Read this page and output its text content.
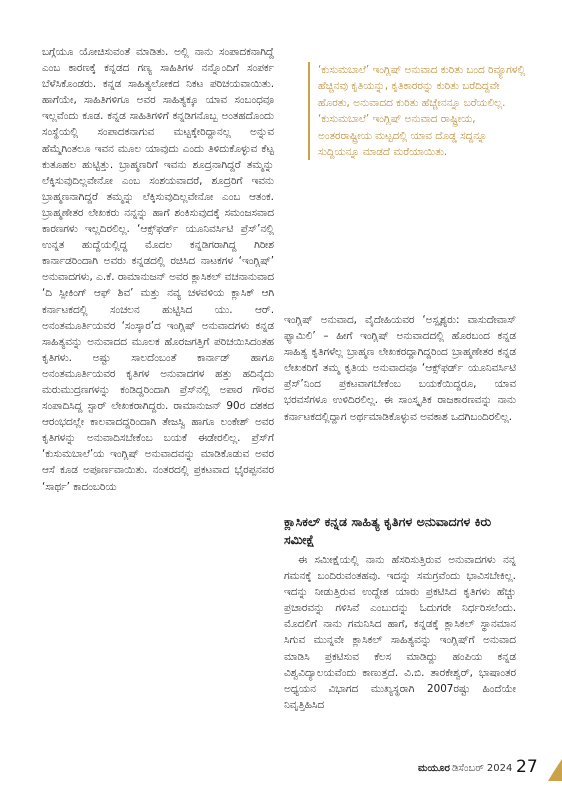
ಬಗ್ಗೆಯೂ ಯೋಚಿಸುವಂತೆ ಮಾಡಿತು. ಅಲ್ಲಿ ನಾನು ಸಂಪಾದಕನಾಗಿದ್ದೆ ಎಂಬ ಕಾರಣಕ್ಕೆ ಕನ್ನಡದ ಗಣ್ಯ ಸಾಹಿತಿಗಳ ನನ್ನೊಂದಿಗೆ ಸಂಪರ್ಕ ಬೆಳೆಸಿಕೊಂಡರು. ಕನ್ನಡ ಸಾಹಿತ್ಯಲೋಕದ ನಿಕಟ ಪರಿಚಯವಾಯಿತು. ಹಾಗೆಯೇ, ಸಾಹಿತಿಗಳಿಗೂ ಅವರ ಸಾಹಿತ್ಯಕ್ಕೂ ಯಾವ ಸಂಬಂಧವೂ ಇಲ್ಲವೆಂದು ಕೂಡ. ಕನ್ನಡ ಸಾಹಿತಿಗಳಿಗೆ ಕನ್ನಡಿಗನೊಬ್ಬ ಅಂತಹದೊಂದು ಸಂಸ್ಥೆಯಲ್ಲಿ ಸಂಪಾದಕನಾಗುವ ಮಟ್ಟಕ್ಕೇರಿದ್ದಾನಲ್ಲ ಅನ್ನುವ ಹೆಮ್ಮೆಗಿಂತಲೂ ಇವನ ಮೂಲ ಯಾವುದು ಎಂದು ತಿಳಿದುಕೊಳ್ಳುವ ಕೆಟ್ಟ ಕುತೂಹಲ ಹುಟ್ಟಿತ್ತು. ಬ್ರಾಹ್ಮಣರಿಗೆ ಇವನು ಶೂದ್ರನಾಗಿದ್ದರೆ ತಮ್ಮನ್ನು ಲೆಕ್ಕಿಸುವುದಿಲ್ಲವೇನೋ ಎಂಬ ಸಂಶಯವಾದರೆ, ಶೂದ್ರರಿಗೆ ಇವನು ಬ್ರಾಹ್ಮಣನಾಗಿದ್ದರೆ ತಮ್ಮನ್ನು ಲೆಕ್ಕಿಸುವುದಿಲ್ಲವೇನೋ ಎಂಬ ಆತಂಕ. ಬ್ರಾಹ್ಮಣೇತರ ಲೇಖಕರು ನನ್ನನ್ನು ಹಾಗೆ ಶಂಕಿಸುವುದಕ್ಕೆ ಸಮಂಜಸವಾದ ಕಾರಣಗಳು ಇಲ್ಲದಿರಲಿಲ್ಲ. ‘ಆಕ್ಸ್‌ಫರ್ಡ್ ಯೂನಿವರ್ಸಿಟಿ ಪ್ರೆಸ್’ನಲ್ಲಿ ಉನ್ನತ ಹುದ್ದೆಯಲ್ಲಿದ್ದ ಮೊದಲ ಕನ್ನಡಿಗರಾಗಿದ್ದ ಗಿರೀಶ ಕಾರ್ನಾಡರಿಂದಾಗಿ ಅವರು ಕನ್ನಡದಲ್ಲಿ ರಚಿಸಿದ ನಾಟಕಗಳ ‘ಇಂಗ್ಲಿಷ್’ ಅನುವಾದಗಳು, ಎ.ಕೆ. ರಾಮಾನುಜನ್ ಅವರ ಕ್ಲಾಸಿಕಲ್ ವಚನಾನುವಾದ ‘ದಿ ಸ್ಪೀಕಿಂಗ್ ಆಫ್ ಶಿವ’ ಮತ್ತು ನವ್ಯ ಚಳವಳಿಯ ಕ್ಲಾಸಿಕ್ ಆಗಿ ಕರ್ನಾಟಕದಲ್ಲಿ ಸಂಚಲನ ಹುಟ್ಟಿಸಿದ ಯು. ಆರ್. ಅನಂತಮೂರ್ತಿಯವರ ‘ಸಂಸ್ಕಾರ’ದ ಇಂಗ್ಲಿಷ್ ಅನುವಾದಗಳು ಕನ್ನಡ ಸಾಹಿತ್ಯವನ್ನು ಅನುವಾದದ ಮೂಲಕ ಹೊರಜಗತ್ತಿಗೆ ಪರಿಚಯಿಸಿದಂತಹ ಕೃತಿಗಳು. ಅಷ್ಟು ಸಾಲದೆಂಬಂತೆ ಕಾರ್ನಾಡ್ ಹಾಗೂ ಅನಂತಮೂರ್ತಿಯವರ ಕೃತಿಗಳ ಅನುವಾದಗಳ ಹತ್ತು ಹದಿನೈದು ಮರುಮುದ್ರಣಗಳನ್ನು ಕಂಡಿದ್ದರಿಂದಾಗಿ ಪ್ರೆಸ್‌ನಲ್ಲಿ ಅಪಾರ ಗೌರವ ಸಂಪಾದಿಸಿದ್ದ ಸ್ಟಾರ್ ಲೇಖಕರಾಗಿದ್ದರು. ರಾಮಾನುಜನ್ 90ರ ದಶಕದ ಆರಂಭದಲ್ಲೇ ಕಾಲವಾದದ್ದರಿಂದಾಗಿ ತೇಜಸ್ವಿ ಹಾಗೂ ಲಂಕೇಶ್ ಅವರ ಕೃತಿಗಳನ್ನು ಅನುವಾದಿಸಬೇಕೆಂಬ ಬಯಕೆ ಈಡೇರಲಿಲ್ಲ. ಪ್ರೆಸ್‌ಗೆ ‘ಕುಸುಮಬಾಲೆ’ಯ ಇಂಗ್ಲಿಷ್ ಅನುವಾದವನ್ನು ಮಾಡಿಕೊಡುವ ಅವರ ಆಸೆ ಕೂಡ ಅಪೂರ್ಣವಾಯಿತು. ನಂತರದಲ್ಲಿ ಪ್ರಕಟವಾದ ಭೈರಪ್ಪನವರ ‘ಸಾರ್ಥ’ ಕಾದಂಬರಿಯ

‘ಕುಸುಮಬಾಲೆ’ ಇಂಗ್ಲಿಷ್ ಅನುವಾದ ಕುರಿತು ಬಂದ ರಿವ್ಯೂಗಳಲ್ಲಿ ಹೆಚ್ಚಿನವು ಕೃತಿಯನ್ನು, ಕೃತಿಕಾರರನ್ನು ಕುರಿತು ಬರೆದಿದ್ದವೇ ಹೊರತು, ಅನುವಾದದ ಕುರಿತು ಹೆಚ್ಚೇನನ್ನೂ ಬರೆಯಲಿಲ್ಲ. ‘ಕುಸುಮಬಾಲೆ’ ಇಂಗ್ಲಿಷ್ ಅನುವಾದ ರಾಷ್ಟ್ರೀಯ, ಅಂತರರಾಷ್ಟ್ರೀಯ ಮಟ್ಟದಲ್ಲಿ ಯಾವ ದೊಡ್ಡ ಸದ್ದನ್ನೂ ಸುದ್ದಿಯನ್ನೂ ಮಾಡದೆ ಮರೆಯಾಯಿತು.

ಇಂಗ್ಲಿಷ್ ಅನುವಾದ, ವೈದೇಹಿಯವರ ‘ಅಸ್ಪೃಶ್ಯರು: ವಾಸುದೇವಾಸ್ ಫ್ಯಾಮಿಲಿ’ – ಹೀಗೆ ಇಂಗ್ಲಿಷ್ ಅನುವಾದದಲ್ಲಿ ಹೊರಬಂದ ಕನ್ನಡ ಸಾಹಿತ್ಯ ಕೃತಿಗಳೆಲ್ಲ ಬ್ರಾಹ್ಮಣ ಲೇಖಕರದ್ದಾಗಿದ್ದರಿಂದ ಬ್ರಾಹ್ಮಣೇತರ ಕನ್ನಡ ಲೇಖಕರಿಗೆ ತಮ್ಮ ಕೃತಿಯ ಅನುವಾದವೂ ‘ಆಕ್ಸ್‌ಫರ್ಡ್ ಯೂನಿವರ್ಸಿಟಿ ಪ್ರೆಸ್’ನಿಂದ ಪ್ರಕಟವಾಗಬೇಕೆಂಬ ಬಯಕೆಯಿದ್ದರೂ, ಯಾವ ಭರವಸೆಗಳೂ ಉಳಿದಿರಲಿಲ್ಲ. ಈ ಸಾಂಸ್ಕೃತಿಕ ರಾಜಕಾರಣವನ್ನು ನಾನು ಕರ್ನಾಟಕದಲ್ಲಿದ್ದಾಗ ಅರ್ಥಮಾಡಿಕೊಳ್ಳುವ ಅವಕಾಶ ಒದಗಿಬಂದಿರಲಿಲ್ಲ.

ಕ್ಲಾಸಿಕಲ್ ಕನ್ನಡ ಸಾಹಿತ್ಯ ಕೃತಿಗಳ ಅನುವಾದಗಳ ಕಿರು ಸಮೀಕ್ಷೆ

ಈ ಸಮೀಕ್ಷೆಯಲ್ಲಿ ನಾನು ಹೆಸರಿಸುತ್ತಿರುವ ಅನುವಾದಗಳು ನನ್ನ ಗಮನಕ್ಕೆ ಬಂದಿರುವಂತಹವು. ಇದನ್ನು ಸಮಗ್ರವೆಂದು ಭಾವಿಸಬೇಕಿಲ್ಲ. ಇದನ್ನು ನೀಡುತ್ತಿರುವ ಉದ್ದೇಶ ಯಾರು ಪ್ರಕಟಿಸಿದ ಕೃತಿಗಳು ಹೆಚ್ಚು ಪ್ರಚಾರವನ್ನು ಗಳಿಸಿವೆ ಎಂಬುದನ್ನು ಓದುಗರೇ ನಿರ್ಧರಿಸಲೆಂದು. ಮೊದಲಿಗೆ ನಾನು ಗಮನಿಸಿದ ಹಾಗೆ, ಕನ್ನಡಕ್ಕೆ ಕ್ಲಾಸಿಕಲ್ ಸ್ಥಾನಮಾನ ಸಿಗುವ ಮುನ್ನವೇ ಕ್ಲಾಸಿಕಲ್ ಸಾಹಿತ್ಯವನ್ನು ಇಂಗ್ಲಿಷ್‌ಗೆ ಅನುವಾದ ಮಾಡಿಸಿ ಪ್ರಕಟಿಸುವ ಕೆಲಸ ಮಾಡಿದ್ದು ಹಂಪಿಯ ಕನ್ನಡ ವಿಶ್ವವಿದ್ಯಾಲಯವೆಂದು ಕಾಣುತ್ತದೆ. ವಿ.ಬಿ. ತಾರಕೇಶ್ವರ್, ಭಾಷಾಂತರ ಅಧ್ಯಯನ ವಿಭಾಗದ ಮುಖ್ಯಸ್ಥರಾಗಿ 2007ರಷ್ಟು ಹಿಂದೆಯೇ ನಿವೃತ್ತಿಹಿಸಿದ

ಮಯೂರ ಡಿಸೆಂಬರ್ 2024 27
